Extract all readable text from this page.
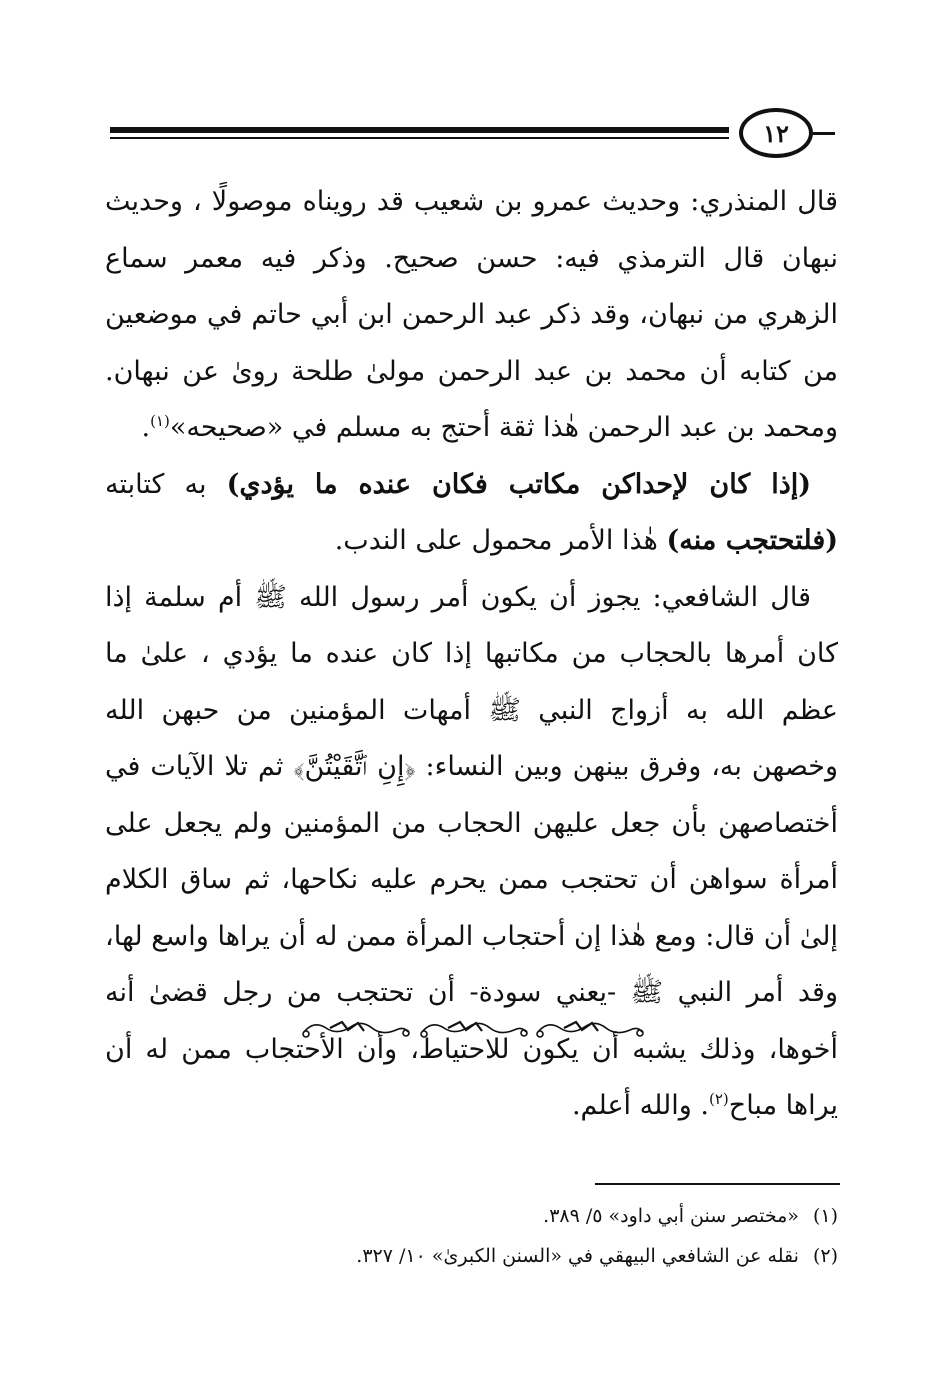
١٢

قال المنذري: وحديث عمرو بن شعيب قد رويناه موصولًا ، وحديث نبهان قال الترمذي فيه: حسن صحيح. وذكر فيه معمر سماع الزهري من نبهان، وقد ذكر عبد الرحمن ابن أبي حاتم في موضعين من كتابه أن محمد بن عبد الرحمن مولىٰ طلحة روىٰ عن نبهان. ومحمد بن عبد الرحمن هٰذا ثقة أحتج به مسلم في «صحيحه»$^{(١)}$.

 (إذا كان لإحداكن مكاتب فكان عنده ما يؤدي) به كتابته (فلتحتجب منه) هٰذا الأمر محمول على الندب.

 قال الشافعي: يجوز أن يكون أمر رسول الله ﷺ أم سلمة إذا كان أمرها بالحجاب من مكاتبها إذا كان عنده ما يؤدي ، علىٰ ما عظم الله به أزواج النبي ﷺ أمهات المؤمنين من حبهن الله وخصهن به، وفرق بينهن وبين النساء: ﴿إِنِ ٱتَّقَيْتُنَّ﴾ ثم تلا الآيات في أختصاصهن بأن جعل عليهن الحجاب من المؤمنين ولم يجعل على أمرأة سواهن أن تحتجب ممن يحرم عليه نكاحها، ثم ساق الكلام إلىٰ أن قال: ومع هٰذا إن أحتجاب المرأة ممن له أن يراها واسع لها، وقد أمر النبي ﷺ -يعني سودة- أن تحتجب من رجل قضىٰ أنه أخوها، وذلك يشبه أن يكون للاحتياط، وأن الأحتجاب ممن له أن يراها مباح$^{(٢)}$. والله أعلم.

(١)«مختصر سنن أبي داود» ٥/ ٣٨٩.
(٢)نقله عن الشافعي البيهقي في «السنن الكبرىٰ» ١٠/ ٣٢٧.
